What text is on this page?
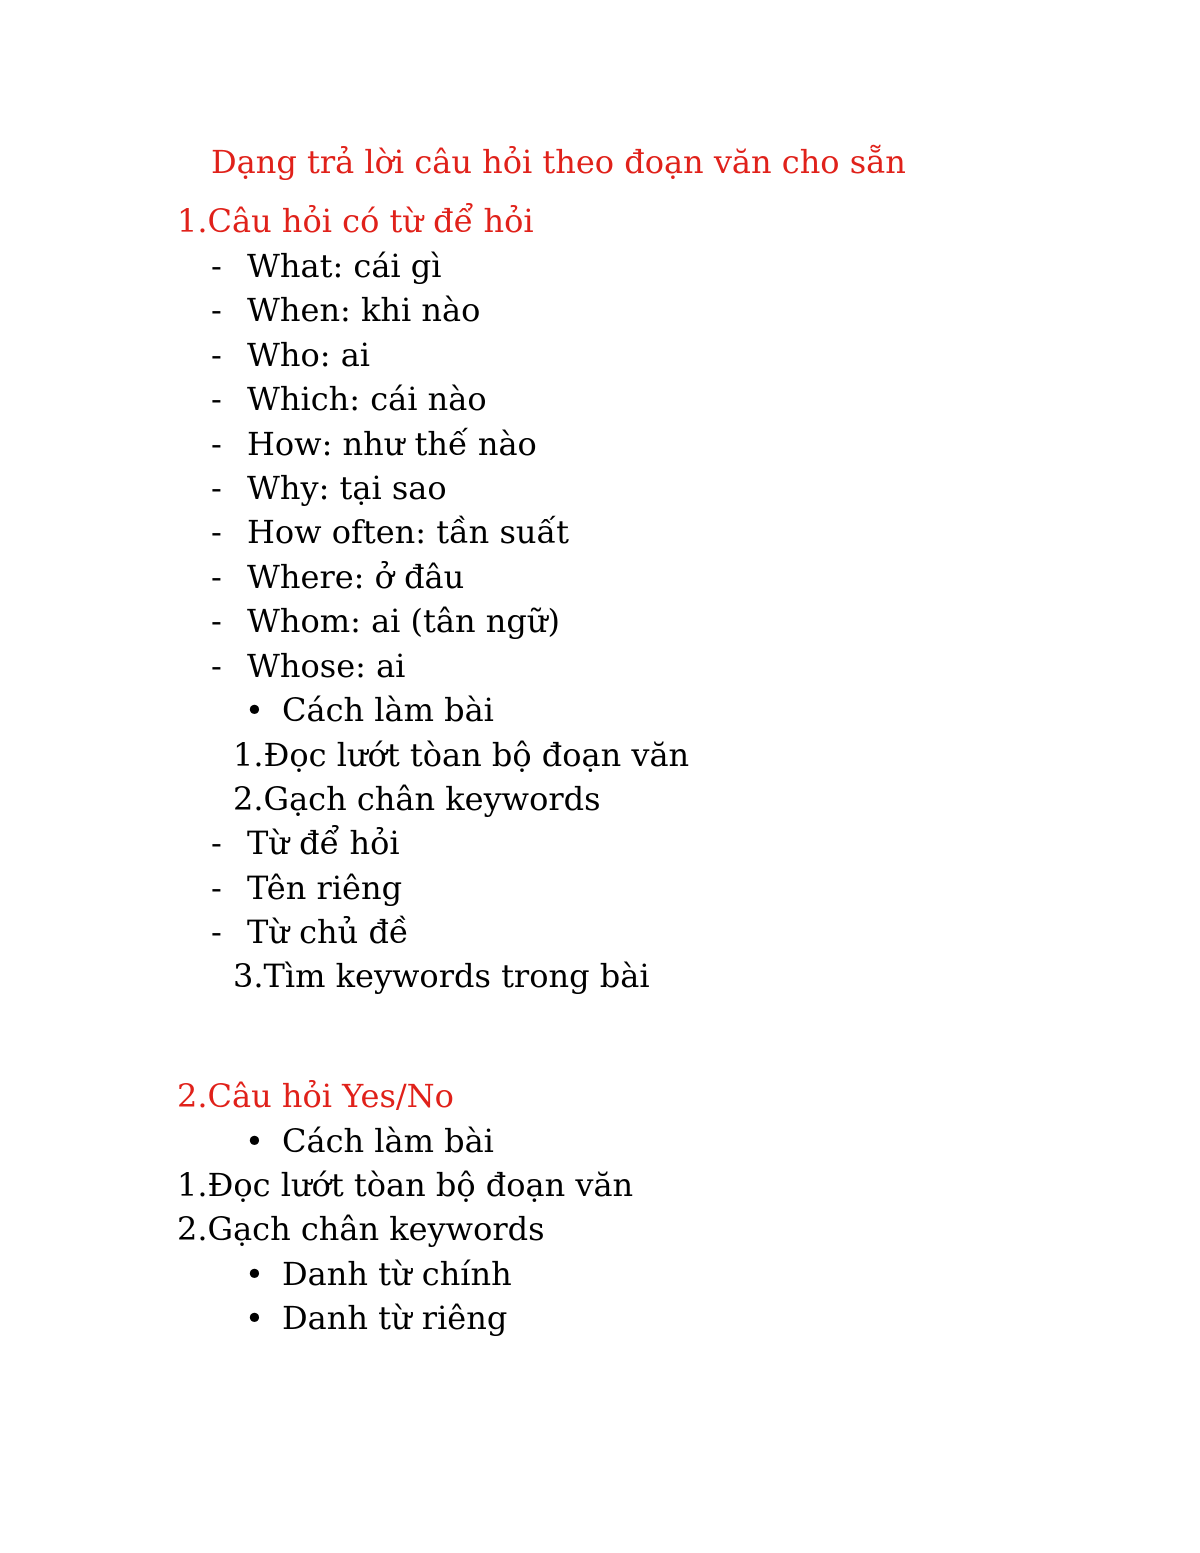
Dạng trả lời câu hỏi theo đoạn văn cho sẵn
1.Câu hỏi có từ để hỏi
- What: cái gì
- When: khi nào
- Who: ai
- Which: cái nào
- How: như thế nào
- Why: tại sao
- How often: tần suất
- Where: ở đâu
- Whom: ai (tân ngữ)
- Whose: ai
• Cách làm bài
1.Đọc lướt tòan bộ đoạn văn
2.Gạch chân keywords
- Từ để hỏi
- Tên riêng
- Từ chủ đề
3.Tìm keywords trong bài
2.Câu hỏi Yes/No
• Cách làm bài
1.Đọc lướt tòan bộ đoạn văn
2.Gạch chân keywords
• Danh từ chính
• Danh từ riêng
